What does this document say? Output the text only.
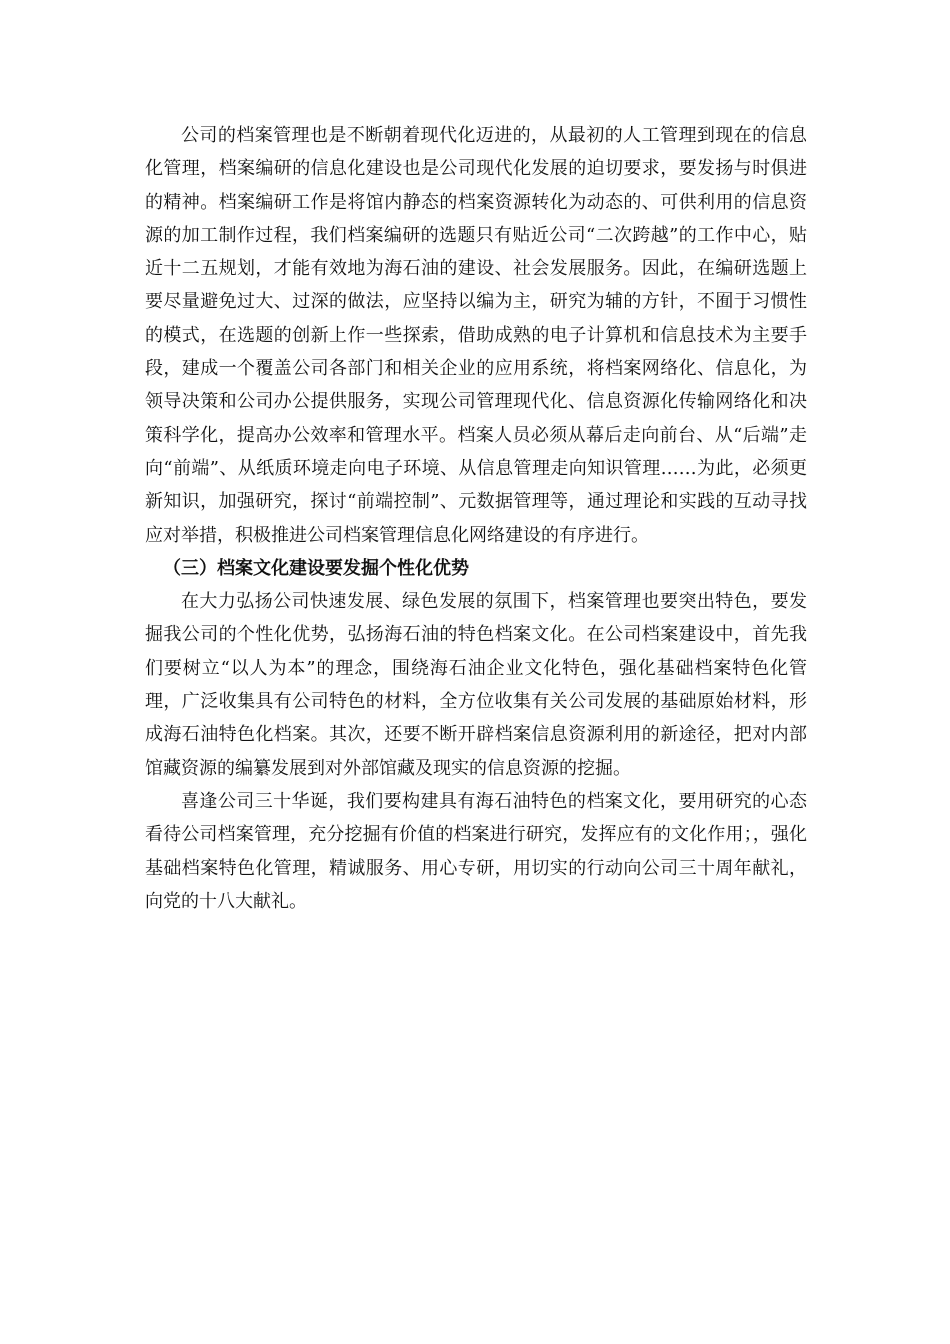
公司的档案管理也是不断朝着现代化迈进的，从最初的人工管理到现在的信息化管理，档案编研的信息化建设也是公司现代化发展的迫切要求，要发扬与时俱进的精神。档案编研工作是将馆内静态的档案资源转化为动态的、可供利用的信息资源的加工制作过程，我们档案编研的选题只有贴近公司“二次跨越”的工作中心，贴近十二五规划，才能有效地为海石油的建设、社会发展服务。因此，在编研选题上要尽量避免过大、过深的做法，应坚持以编为主，研究为辅的方针，不囿于习惯性的模式，在选题的创新上作一些探索，借助成熟的电子计算机和信息技术为主要手段，建成一个覆盖公司各部门和相关企业的应用系统，将档案网络化、信息化，为领导决策和公司办公提供服务，实现公司管理现代化、信息资源化传输网络化和决策科学化，提高办公效率和管理水平。档案人员必须从幕后走向前台、从“后端”走向“前端”、从纸质环境走向电子环境、从信息管理走向知识管理……为此，必须更新知识，加强研究，探讨“前端控制”、元数据管理等，通过理论和实践的互动寻找应对举措，积极推进公司档案管理信息化网络建设的有序进行。

（三）档案文化建设要发掘个性化优势

在大力弘扬公司快速发展、绿色发展的氛围下，档案管理也要突出特色，要发掘我公司的个性化优势，弘扬海石油的特色档案文化。在公司档案建设中，首先我们要树立“以人为本”的理念，围绕海石油企业文化特色，强化基础档案特色化管理，广泛收集具有公司特色的材料，全方位收集有关公司发展的基础原始材料，形成海石油特色化档案。其次，还要不断开辟档案信息资源利用的新途径，把对内部馆藏资源的编纂发展到对外部馆藏及现实的信息资源的挖掘。

喜逢公司三十华诞，我们要构建具有海石油特色的档案文化，要用研究的心态看待公司档案管理，充分挖掘有价值的档案进行研究，发挥应有的文化作用；，强化基础档案特色化管理，精诚服务、用心专研，用切实的行动向公司三十周年献礼，向党的十八大献礼。
